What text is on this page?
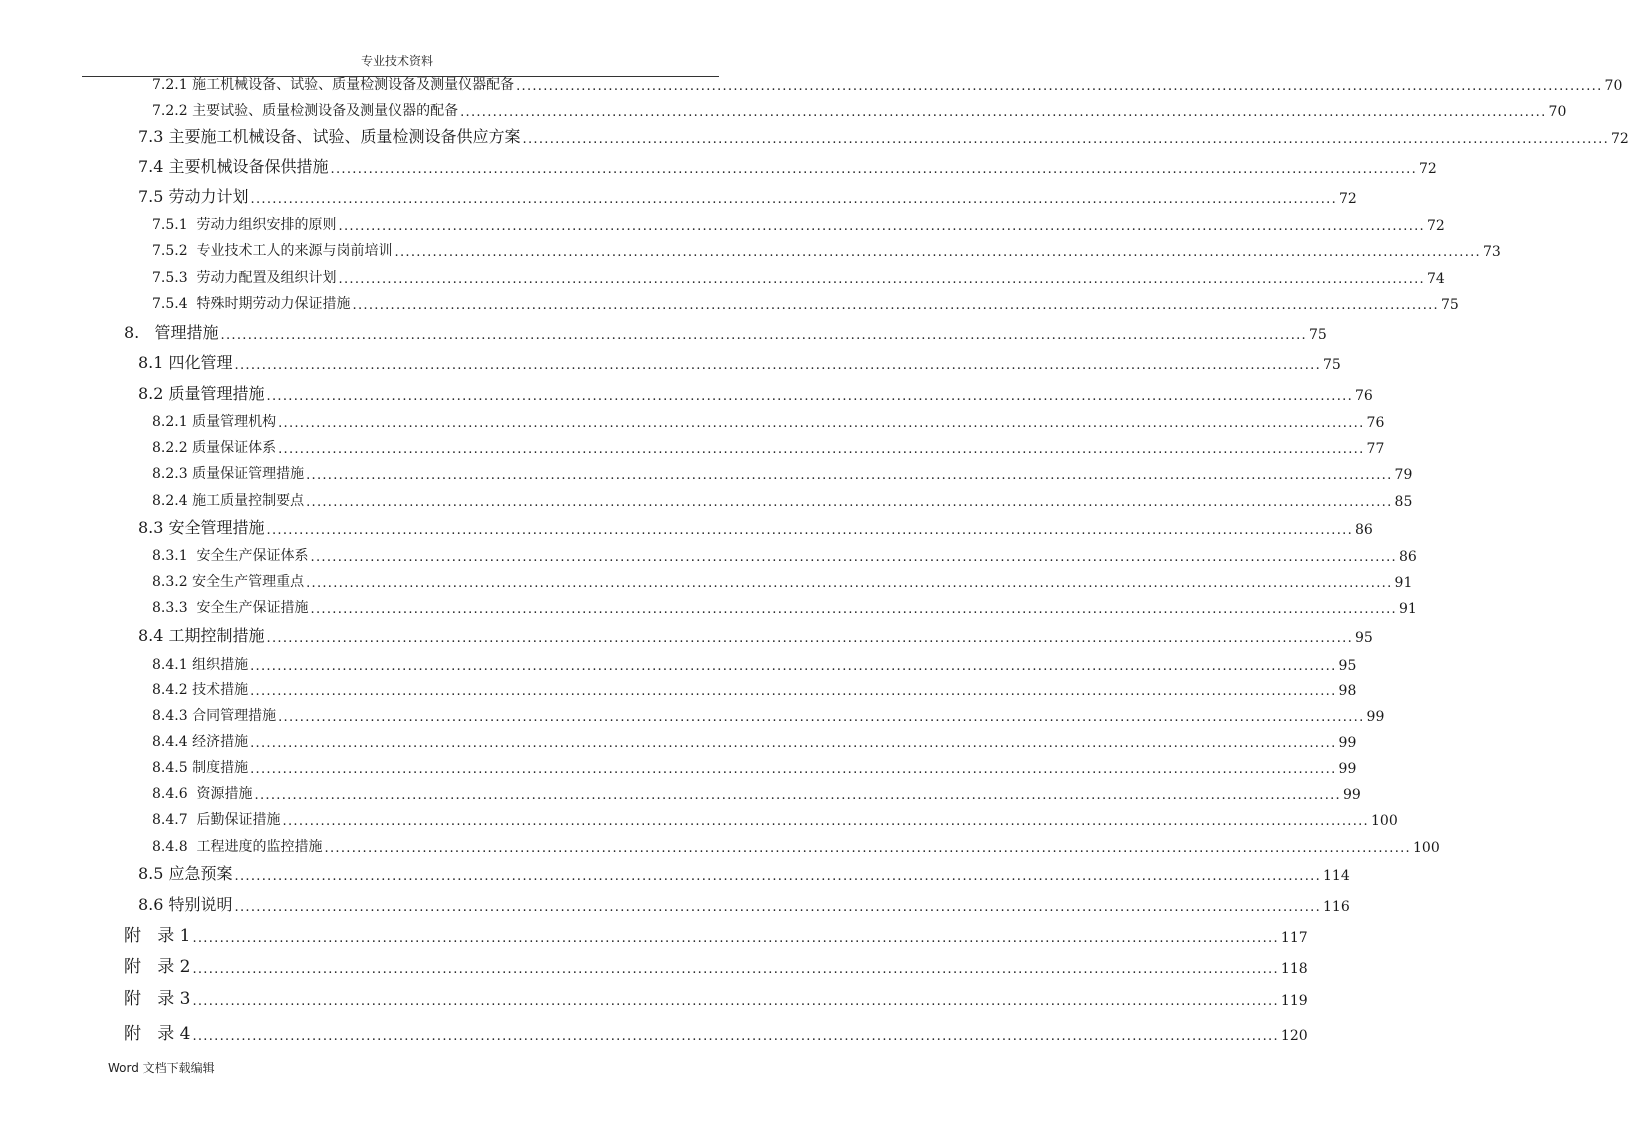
专业技术资料
7.2.1 施工机械设备、试验、质量检测设备及测量仪器配备 ........................................................................................................................................................................................................ 70
7.2.2 主要试验、质量检测设备及测量仪器的配备 ........................................................................................................................................................................................................ 70
7.3 主要施工机械设备、试验、质量检测设备供应方案 ........................................................................................................................................................................................................ 72
7.4 主要机械设备保供措施 ........................................................................................................................................................................................................ 72
7.5 劳动力计划 ........................................................................................................................................................................................................ 72
7.5.1  劳动力组织安排的原则 ........................................................................................................................................................................................................ 72
7.5.2  专业技术工人的来源与岗前培训 ........................................................................................................................................................................................................ 73
7.5.3  劳动力配置及组织计划 ........................................................................................................................................................................................................ 74
7.5.4  特殊时期劳动力保证措施 ........................................................................................................................................................................................................ 75
8.   管理措施 ........................................................................................................................................................................................................ 75
8.1 四化管理 ........................................................................................................................................................................................................ 75
8.2 质量管理措施 ........................................................................................................................................................................................................ 76
8.2.1 质量管理机构 ........................................................................................................................................................................................................ 76
8.2.2 质量保证体系 ........................................................................................................................................................................................................ 77
8.2.3 质量保证管理措施 ........................................................................................................................................................................................................ 79
8.2.4 施工质量控制要点 ........................................................................................................................................................................................................ 85
8.3 安全管理措施 ........................................................................................................................................................................................................ 86
8.3.1  安全生产保证体系 ........................................................................................................................................................................................................ 86
8.3.2 安全生产管理重点 ........................................................................................................................................................................................................ 91
8.3.3  安全生产保证措施 ........................................................................................................................................................................................................ 91
8.4 工期控制措施 ........................................................................................................................................................................................................ 95
8.4.1 组织措施 ........................................................................................................................................................................................................ 95
8.4.2 技术措施 ........................................................................................................................................................................................................ 98
8.4.3 合同管理措施 ........................................................................................................................................................................................................ 99
8.4.4 经济措施 ........................................................................................................................................................................................................ 99
8.4.5 制度措施 ........................................................................................................................................................................................................ 99
8.4.6  资源措施 ........................................................................................................................................................................................................ 99
8.4.7  后勤保证措施 ........................................................................................................................................................................................................ 100
8.4.8  工程进度的监控措施 ........................................................................................................................................................................................................ 100
8.5 应急预案 ........................................................................................................................................................................................................ 114
8.6 特别说明 ........................................................................................................................................................................................................ 116
附   录 1 ........................................................................................................................................................................................................ 117
附   录 2 ........................................................................................................................................................................................................ 118
附   录 3 ........................................................................................................................................................................................................ 119
附   录 4 ........................................................................................................................................................................................................ 120
Word 文档下载编辑
